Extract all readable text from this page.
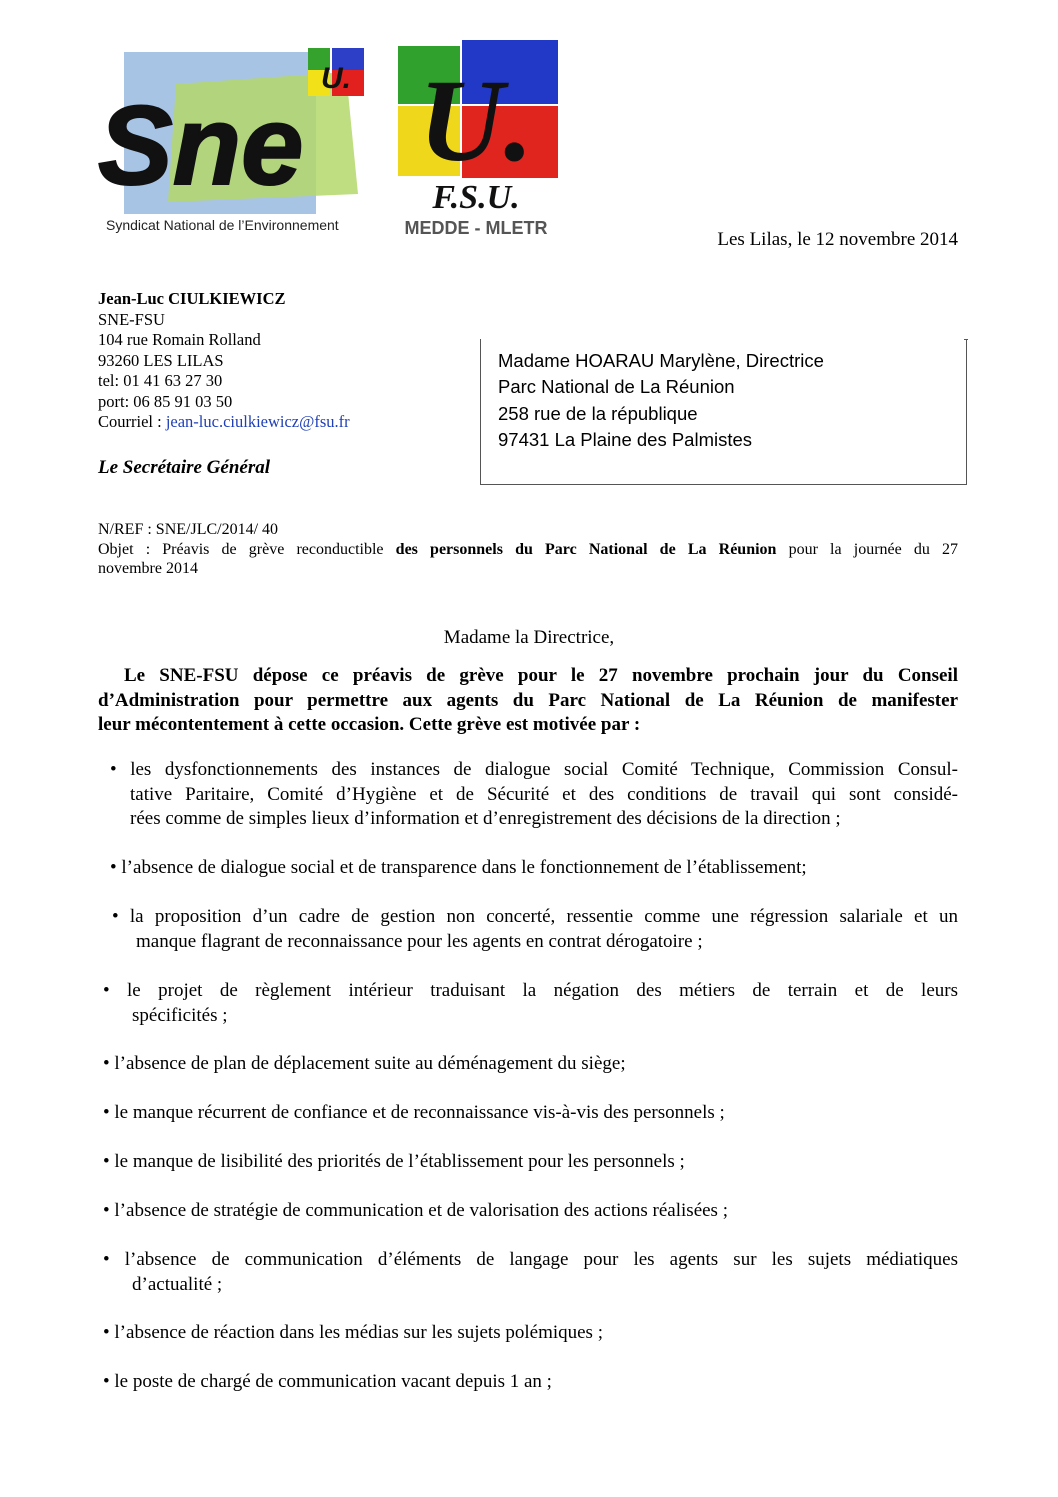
U.
Sne
Syndicat National de l’Environnement
U.
F.S.U.
MEDDE - MLETR
Les Lilas, le 12 novembre 2014
Jean-Luc CIULKIEWICZ
SNE-FSU
104 rue Romain Rolland
93260 LES LILAS
tel: 01 41 63 27 30
port: 06 85 91 03 50
Courriel : jean-luc.ciulkiewicz@fsu.fr
Le Secrétaire Général
Madame HOARAU Marylène, Directrice
Parc National de La Réunion
258 rue de la république
97431 La Plaine des Palmistes
N/REF : SNE/JLC/2014/ 40
Objet : Préavis de grève reconductible des personnels du Parc National de La Réunion pour la journée du 27
novembre 2014
Madame la Directrice,
Le SNE-FSU dépose ce préavis de grève pour le 27 novembre prochain jour du Conseil
d’Administration pour permettre aux agents du Parc National de La Réunion de manifester
leur mécontentement à cette occasion. Cette grève est motivée par :
• les dysfonctionnements des instances de dialogue social Comité Technique, Commission Consul-
tative Paritaire, Comité d’Hygiène et de Sécurité et des conditions de travail qui sont considé-
rées comme de simples lieux d’information et d’enregistrement des décisions de la direction ;
• l’absence de dialogue social et de transparence dans le fonctionnement de l’établissement;
• la proposition d’un cadre de gestion non concerté, ressentie comme une régression salariale et un
manque flagrant de reconnaissance pour les agents en contrat dérogatoire ;
• le projet de règlement intérieur traduisant la négation des métiers de terrain et de leurs
spécificités ;
• l’absence de plan de déplacement suite au déménagement du siège;
• le manque récurrent de confiance et de reconnaissance vis-à-vis des personnels ;
• le manque de lisibilité des priorités de l’établissement pour les personnels ;
• l’absence de stratégie de communication et de valorisation des actions réalisées ;
• l’absence de communication d’éléments de langage pour les agents sur les sujets médiatiques
d’actualité ;
• l’absence de réaction dans les médias sur les sujets polémiques ;
• le poste de chargé de communication vacant depuis 1 an ;
